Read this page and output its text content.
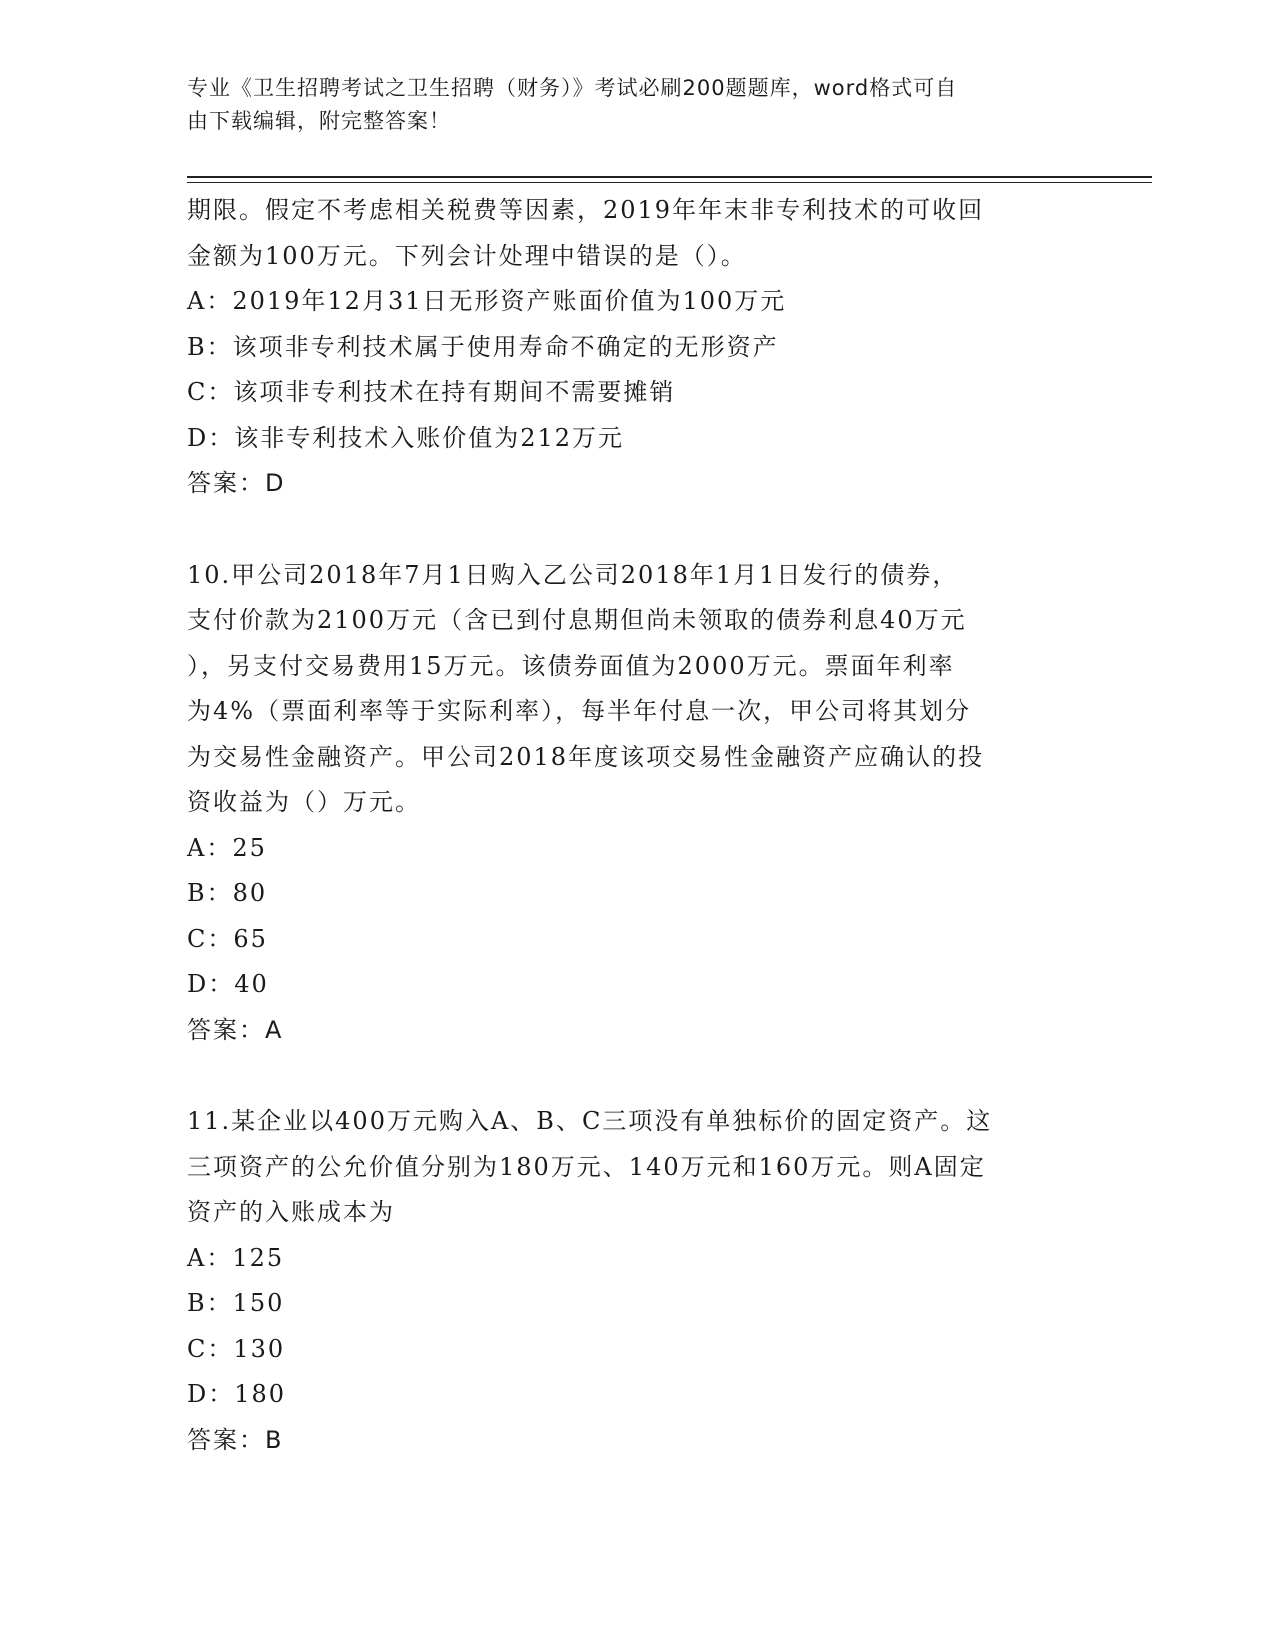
专业《卫生招聘考试之卫生招聘（财务）》考试必刷200题题库，word格式可自
由下载编辑，附完整答案！
期限。假定不考虑相关税费等因素，2019年年末非专利技术的可收回
金额为100万元。下列会计处理中错误的是（）。
A：2019年12月31日无形资产账面价值为100万元
B：该项非专利技术属于使用寿命不确定的无形资产
C：该项非专利技术在持有期间不需要摊销
D：该非专利技术入账价值为212万元
答案：D
10.甲公司2018年7月1日购入乙公司2018年1月1日发行的债券，
支付价款为2100万元（含已到付息期但尚未领取的债券利息40万元
），另支付交易费用15万元。该债券面值为2000万元。票面年利率
为4%（票面利率等于实际利率），每半年付息一次，甲公司将其划分
为交易性金融资产。甲公司2018年度该项交易性金融资产应确认的投
资收益为（）万元。
A：25
B：80
C：65
D：40
答案：A
11.某企业以400万元购入A、B、C三项没有单独标价的固定资产。这
三项资产的公允价值分别为180万元、140万元和160万元。则A固定
资产的入账成本为
A：125
B：150
C：130
D：180
答案：B
